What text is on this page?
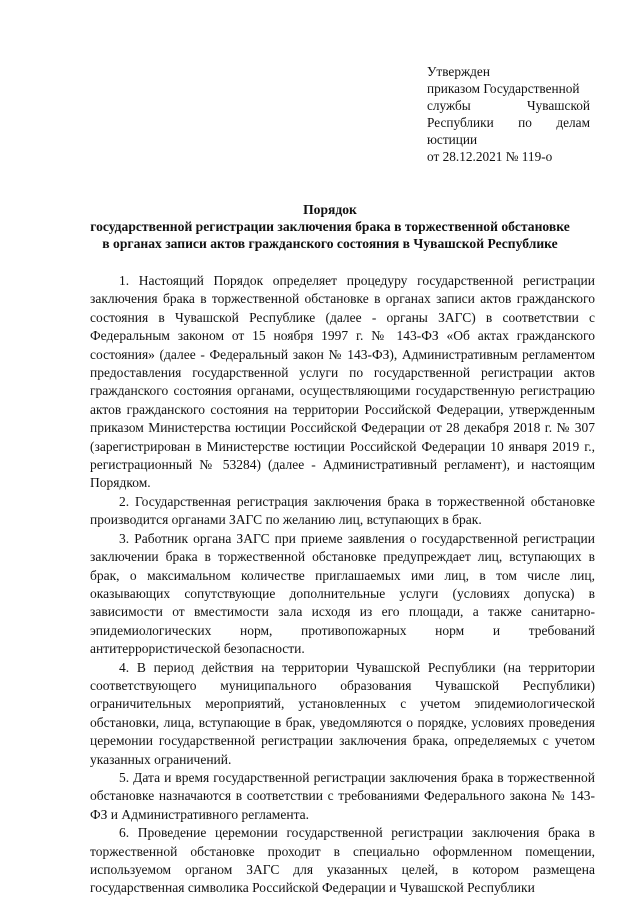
Утвержден
приказом Государственной
службы Чувашской
Республики по делам
юстиции
от 28.12.2021 № 119-о
Порядок
государственной регистрации заключения брака в торжественной обстановке
в органах записи актов гражданского состояния в Чувашской Республике

1. Настоящий Порядок определяет процедуру государственной регистрации заключения брака в торжественной обстановке в органах записи актов гражданского состояния в Чувашской Республике (далее - органы ЗАГС) в соответствии с Федеральным законом от 15 ноября 1997 г. № 143-ФЗ «Об актах гражданского состояния» (далее - Федеральный закон № 143-ФЗ), Административным регламентом предоставления государственной услуги по государственной регистрации актов гражданского состояния органами, осуществляющими государственную регистрацию актов гражданского состояния на территории Российской Федерации, утвержденным приказом Министерства юстиции Российской Федерации от 28 декабря 2018 г. № 307 (зарегистрирован в Министерстве юстиции Российской Федерации 10 января 2019 г., регистрационный № 53284) (далее - Административный регламент), и настоящим Порядком.

2. Государственная регистрация заключения брака в торжественной обстановке производится органами ЗАГС по желанию лиц, вступающих в брак.

3. Работник органа ЗАГС при приеме заявления о государственной регистрации заключении брака в торжественной обстановке предупреждает лиц, вступающих в брак, о максимальном количестве приглашаемых ими лиц, в том числе лиц, оказывающих сопутствующие дополнительные услуги (условиях допуска) в зависимости от вместимости зала исходя из его площади, а также санитарно-эпидемиологических норм, противопожарных норм и требований антитеррористической безопасности.

4. В период действия на территории Чувашской Республики (на территории соответствующего муниципального образования Чувашской Республики) ограничительных мероприятий, установленных с учетом эпидемиологической обстановки, лица, вступающие в брак, уведомляются о порядке, условиях проведения церемонии государственной регистрации заключения брака, определяемых с учетом указанных ограничений.

5. Дата и время государственной регистрации заключения брака в торжественной обстановке назначаются в соответствии с требованиями Федерального закона № 143-ФЗ и Административного регламента.

6. Проведение церемонии государственной регистрации заключения брака в торжественной обстановке проходит в специально оформленном помещении, используемом органом ЗАГС для указанных целей, в котором размещена государственная символика Российской Федерации и Чувашской Республики
